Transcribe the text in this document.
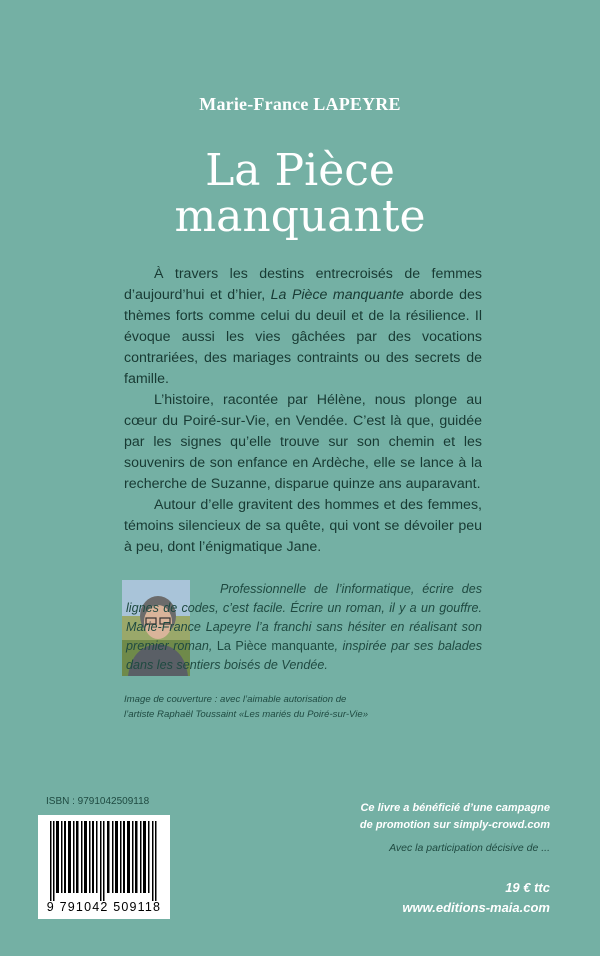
Marie-France LAPEYRE
La Pièce
manquante

À travers les destins entrecroisés de femmes d’aujourd’hui et d’hier, La Pièce manquante aborde des thèmes forts comme celui du deuil et de la résilience. Il évoque aussi les vies gâchées par des vocations contrariées, des mariages contraints ou des secrets de famille.

L’histoire, racontée par Hélène, nous plonge au cœur du Poiré-sur-Vie, en Vendée. C’est là que, guidée par les signes qu’elle trouve sur son chemin et les souvenirs de son enfance en Ardèche, elle se lance à la recherche de Suzanne, disparue quinze ans auparavant.

Autour d’elle gravitent des hommes et des femmes, témoins silencieux de sa quête, qui vont se dévoiler peu à peu, dont l’énigmatique Jane.

Professionnelle de l’informatique, écrire des lignes de codes, c’est facile. Écrire un roman, il y a un gouffre. Marie-France Lapeyre l’a franchi sans hésiter en réalisant son premier roman, La Pièce manquante, inspirée par ses balades dans les sentiers boisés de Vendée.
Image de couverture : avec l’aimable autorisation de
l’artiste Raphaël Toussaint «Les mariés du Poiré-sur-Vie»
ISBN : 9791042509118
9 791042 509118
Ce livre a bénéficié d’une campagne
de promotion sur simply-crowd.com
Avec la participation décisive de ...
19 € ttc
www.editions-maia.com
